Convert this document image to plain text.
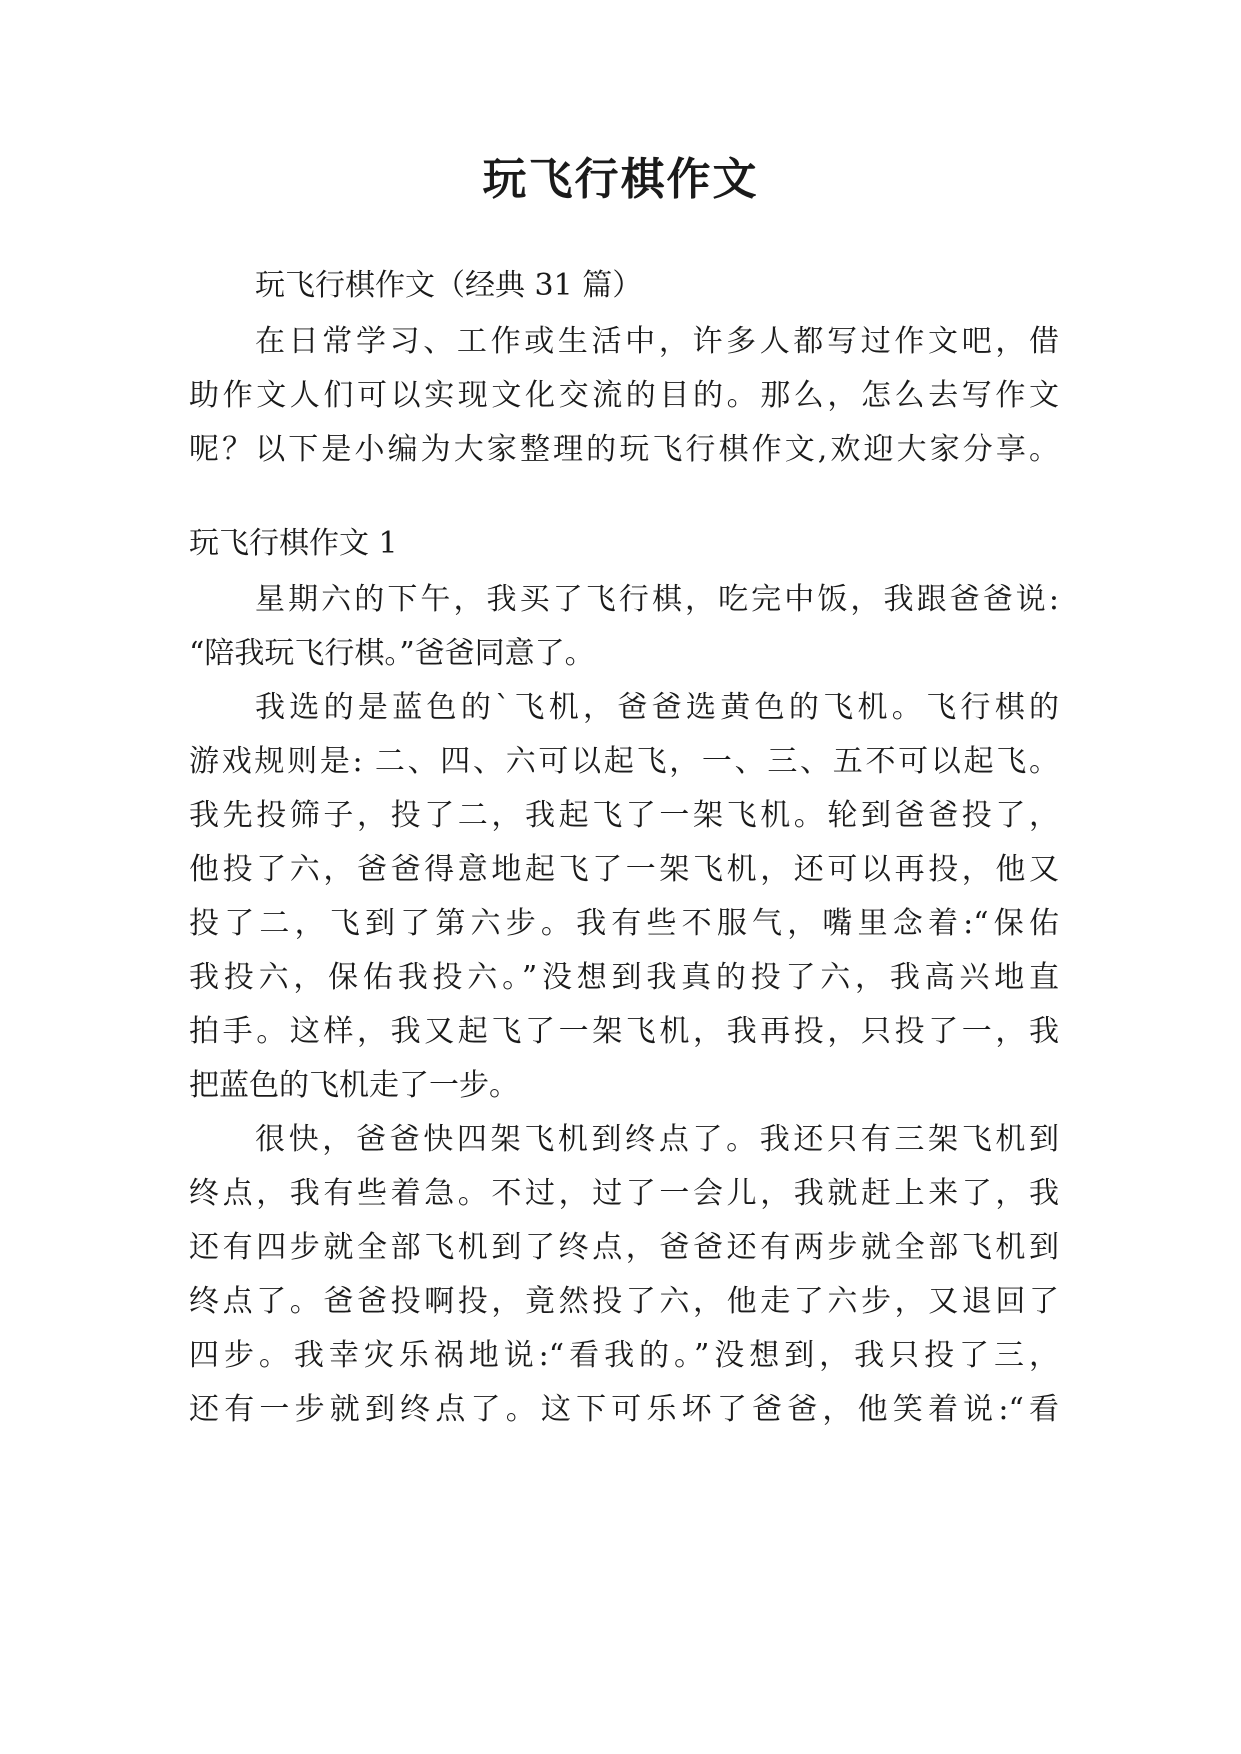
玩飞行棋作文
玩飞行棋作文（经典 31 篇）
在日常学习、工作或生活中，许多人都写过作文吧，借
助作文人们可以实现文化交流的目的。那么，怎么去写作文
呢？以下是小编为大家整理的玩飞行棋作文,欢迎大家分享。
玩飞行棋作文 1
星期六的下午，我买了飞行棋，吃完中饭，我跟爸爸说:
“陪我玩飞行棋。”爸爸同意了。
我选的是蓝色的`飞机，爸爸选黄色的飞机。飞行棋的
游戏规则是: 二、四、六可以起飞，一、三、五不可以起飞。
我先投筛子，投了二，我起飞了一架飞机。轮到爸爸投了，
他投了六，爸爸得意地起飞了一架飞机，还可以再投，他又
投了二，飞到了第六步。我有些不服气，嘴里念着:“保佑
我投六，保佑我投六。”没想到我真的投了六，我高兴地直
拍手。这样，我又起飞了一架飞机，我再投，只投了一，我
把蓝色的飞机走了一步。
很快，爸爸快四架飞机到终点了。我还只有三架飞机到
终点，我有些着急。不过，过了一会儿，我就赶上来了，我
还有四步就全部飞机到了终点，爸爸还有两步就全部飞机到
终点了。爸爸投啊投，竟然投了六，他走了六步，又退回了
四步。我幸灾乐祸地说:“看我的。”没想到，我只投了三，
还有一步就到终点了。这下可乐坏了爸爸，他笑着说:“看
